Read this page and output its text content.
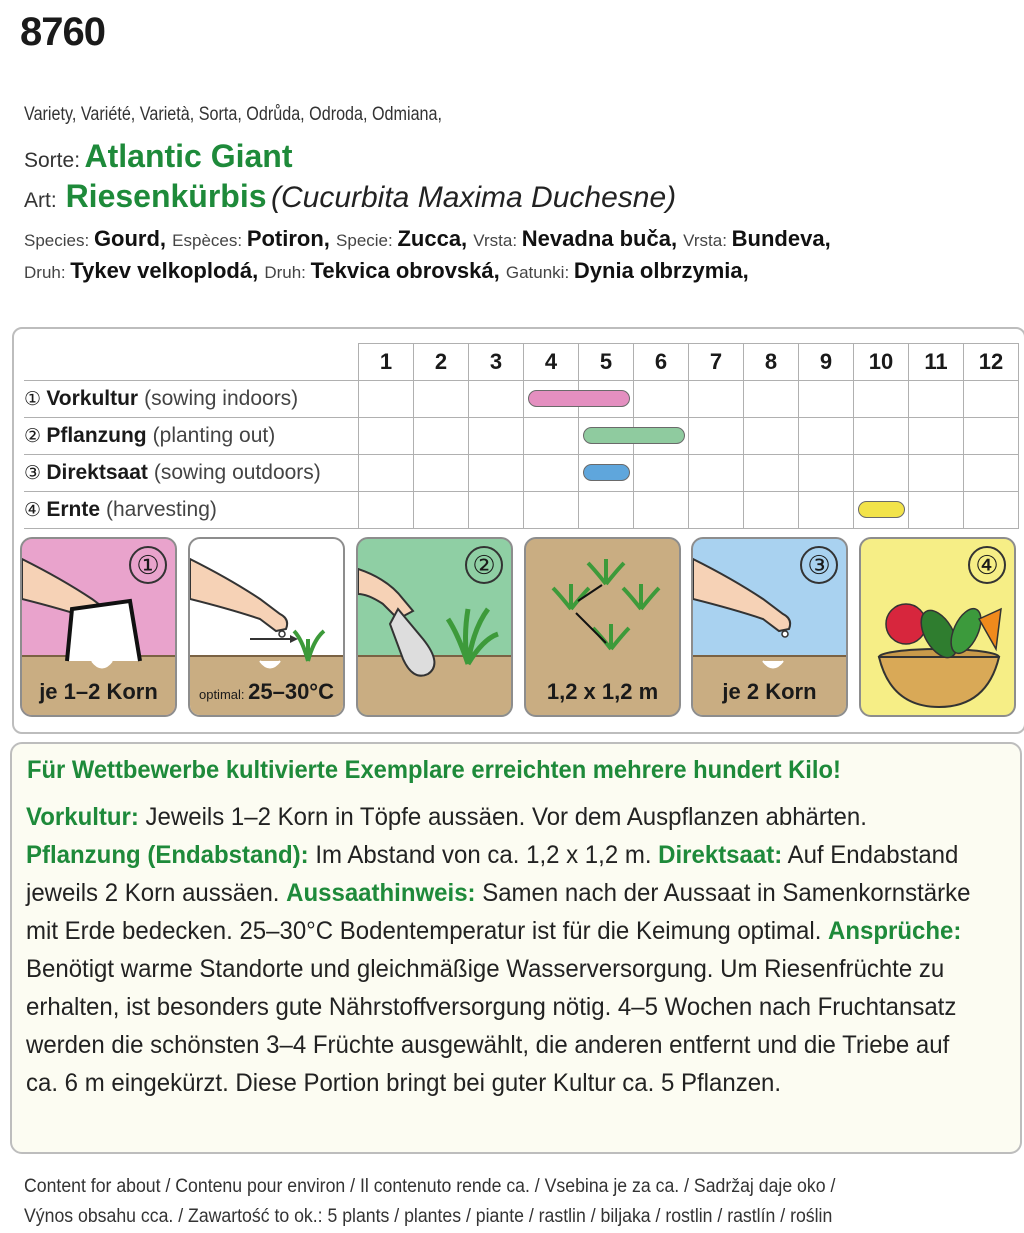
8760
Variety, Variété, Varietà, Sorta, Odrůda, Odroda, Odmiana,
Sorte: Atlantic Giant
Art: Riesenkürbis (Cucurbita Maxima Duchesne)
Species: Gourd, Espèces: Potiron, Specie: Zucca, Vrsta: Nevadna buča, Vrsta: Bundeva,
Druh: Tykev velkoplodá, Druh: Tekvica obrovská, Gatunki: Dynia olbrzymia,
	1	2	3	4	5	6	7	8	9	10	11	12
① Vorkultur (sowing indoors)				

② Pflanzung (planting out)					

③ Direktsaat (sowing outdoors)					

④ Ernte (harvesting)										

①
je 1–2 Korn	optimal: 25–30°C
②
1,2 x 1,2 m
③
je 2 Korn
④
Für Wettbewerbe kultivierte Exemplare erreichten mehrere hundert Kilo!
Vorkultur: Jeweils 1–2 Korn in Töpfe aussäen. Vor dem Auspflanzen abhärten. Pflanzung (Endabstand): Im Abstand von ca. 1,2 x 1,2 m. Direktsaat: Auf Endabstand jeweils 2 Korn aussäen. Aussaathinweis: Samen nach der Aussaat in Samenkornstärke mit Erde bedecken. 25–30°C Bodentemperatur ist für die Keimung optimal. Ansprüche: Benötigt warme Standorte und gleichmäßige Wasserversorgung. Um Riesenfrüchte zu erhalten, ist besonders gute Nährstoffversorgung nötig. 4–5 Wochen nach Fruchtansatz werden die schönsten 3–4 Früchte ausgewählt, die anderen entfernt und die Triebe auf ca. 6 m eingekürzt. Diese Portion bringt bei guter Kultur ca. 5 Pflanzen.
Content for about / Contenu pour environ / Il contenuto rende ca. / Vsebina je za ca. / Sadržaj daje oko /
Výnos obsahu cca. / Zawartość to ok.: 5 plants / plantes / piante / rastlin / biljaka / rostlin / rastlín / roślin
